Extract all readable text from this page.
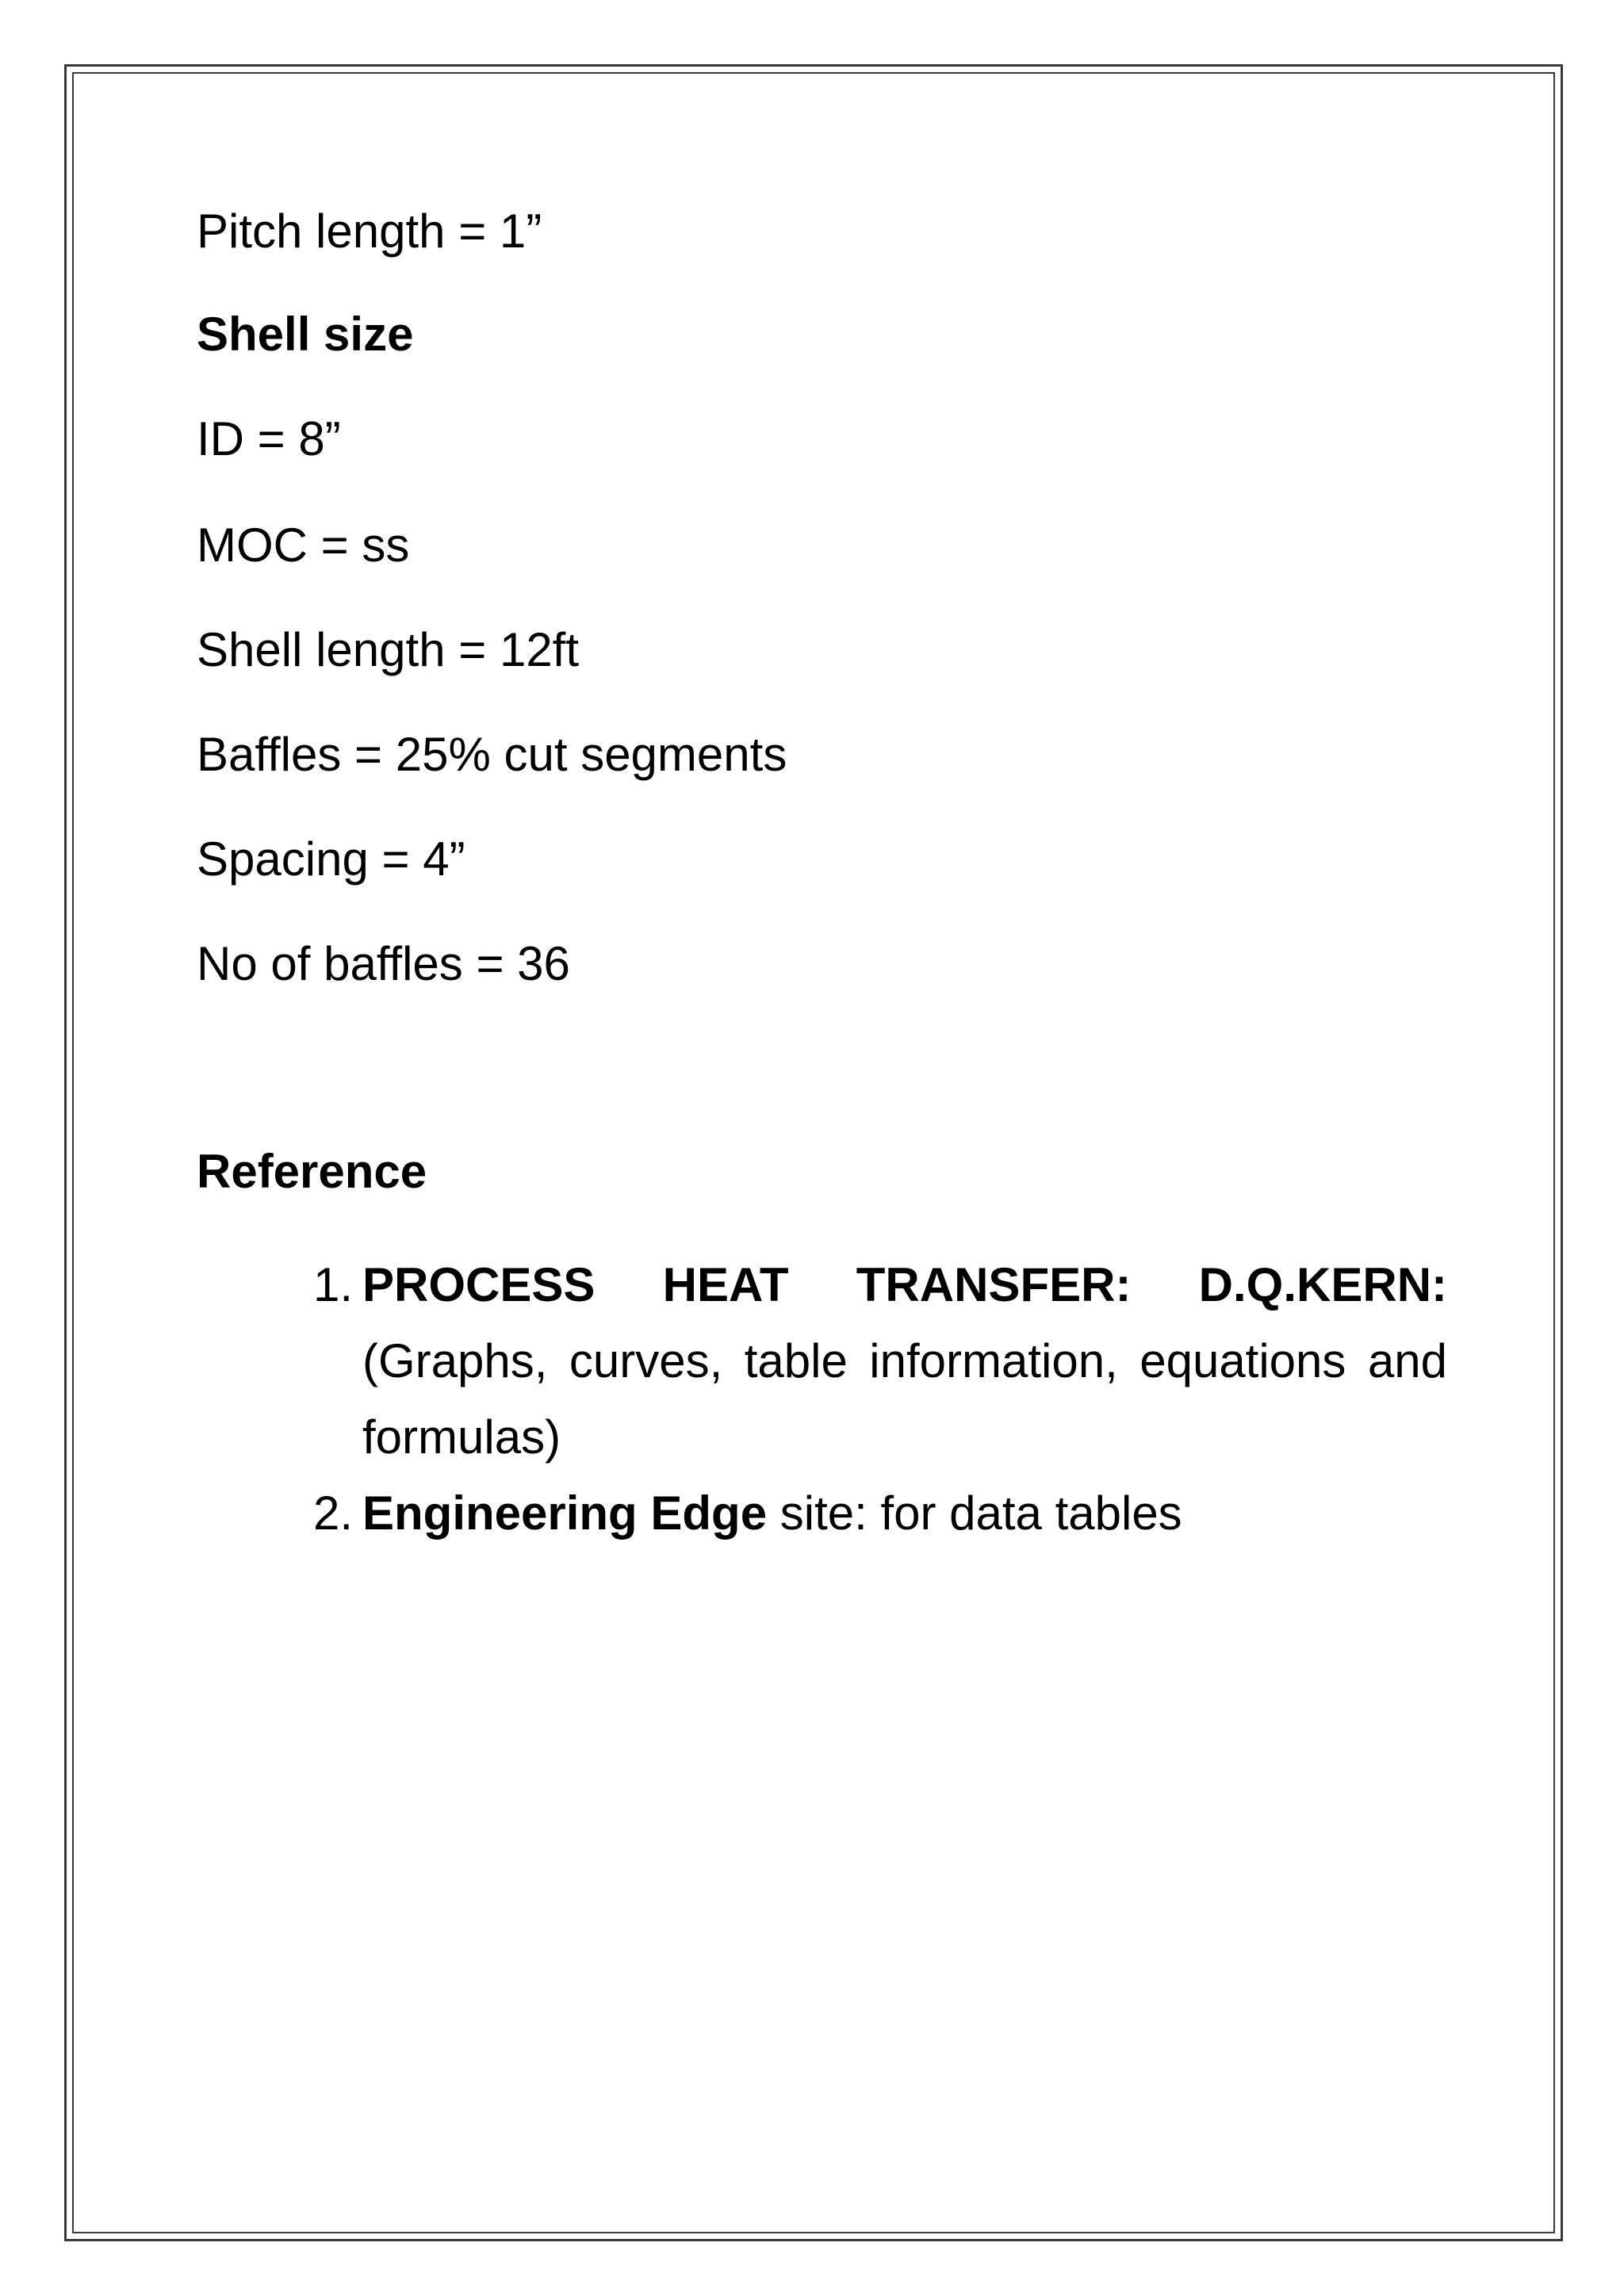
Pitch length = 1”
Shell size
ID = 8”
MOC = ss
Shell length = 12ft
Baffles = 25% cut segments
Spacing = 4”
No of baffles = 36
Reference
1. PROCESS HEAT TRANSFER: D.Q.KERN: (Graphs, curves, table information, equations and formulas)
2. Engineering Edge site: for data tables
